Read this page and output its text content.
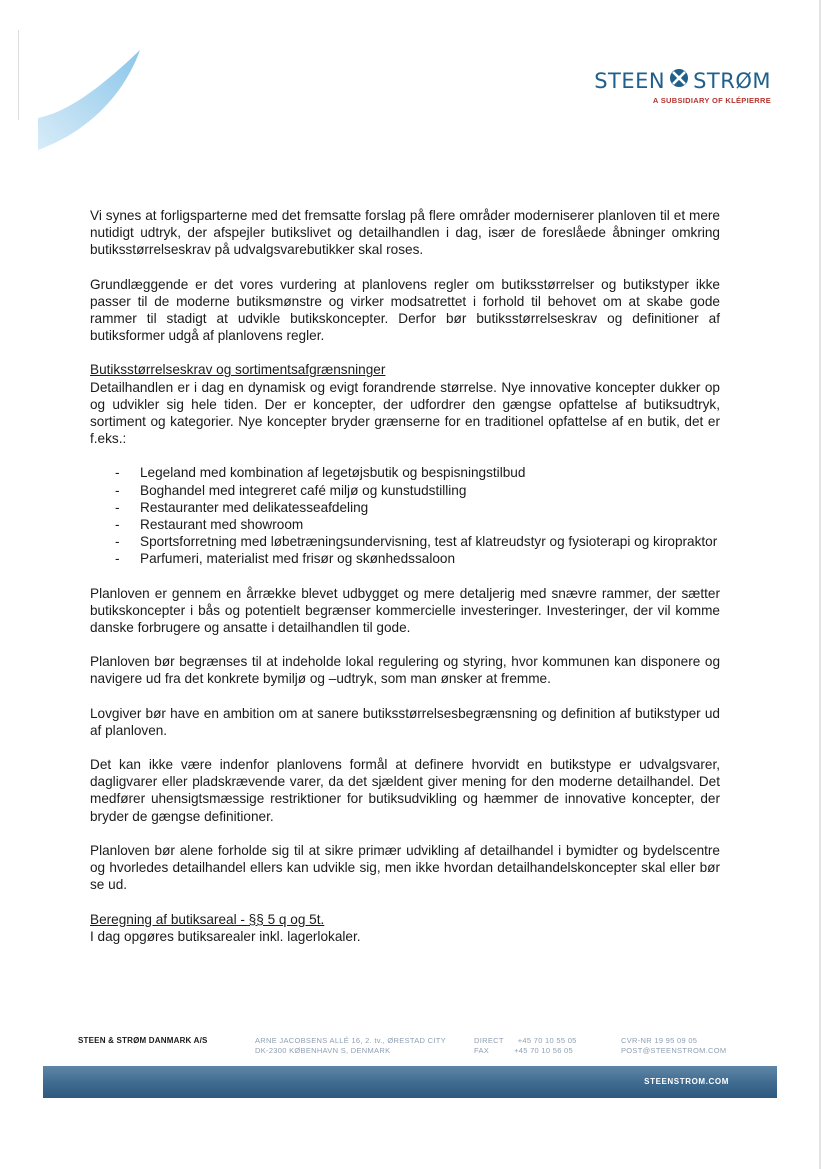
STEEN STRØM
A SUBSIDIARY OF KLÉPIERRE

Vi synes at forligsparterne med det fremsatte forslag på flere områder moderniserer planloven til et mere nutidigt udtryk, der afspejler butikslivet og detailhandlen i dag, især de foreslåede åbninger omkring butiksstørrelseskrav på udvalgsvarebutikker skal roses.

Grundlæggende er det vores vurdering at planlovens regler om butiksstørrelser og butikstyper ikke passer til de moderne butiksmønstre og virker modsatrettet i forhold til behovet om at skabe gode rammer til stadigt at udvikle butikskoncepter. Derfor bør butiksstørrelseskrav og definitioner af butiksformer udgå af planlovens regler.

Butiksstørrelseskrav og sortimentsafgrænsninger

Detailhandlen er i dag en dynamisk og evigt forandrende størrelse. Nye innovative koncepter dukker op og udvikler sig hele tiden. Der er koncepter, der udfordrer den gængse opfattelse af butiksudtryk, sortiment og kategorier. Nye koncepter bryder grænserne for en traditionel opfattelse af en butik, det er f.eks.:

- Legeland med kombination af legetøjsbutik og bespisningstilbud
- Boghandel med integreret café miljø og kunstudstilling
- Restauranter med delikatesseafdeling
- Restaurant med showroom
- Sportsforretning med løbetræningsundervisning, test af klatreudstyr og fysioterapi og kiropraktor
- Parfumeri, materialist med frisør og skønhedssaloon

Planloven er gennem en årrække blevet udbygget og mere detaljerig med snævre rammer, der sætter butikskoncepter i bås og potentielt begrænser kommercielle investeringer. Investeringer, der vil komme danske forbrugere og ansatte i detailhandlen til gode.

Planloven bør begrænses til at indeholde lokal regulering og styring, hvor kommunen kan disponere og navigere ud fra det konkrete bymiljø og –udtryk, som man ønsker at fremme.

Lovgiver bør have en ambition om at sanere butiksstørrelsesbegrænsning og definition af butikstyper ud af planloven.

Det kan ikke være indenfor planlovens formål at definere hvorvidt en butikstype er udvalgsvarer, dagligvarer eller pladskrævende varer, da det sjældent giver mening for den moderne detailhandel. Det medfører uhensigtsmæssige restriktioner for butiksudvikling og hæmmer de innovative koncepter, der bryder de gængse definitioner.

Planloven bør alene forholde sig til at sikre primær udvikling af detailhandel i bymidter og bydelscentre og hvorledes detailhandel ellers kan udvikle sig, men ikke hvordan detailhandelskoncepter skal eller bør se ud.

Beregning af butiksareal - §§ 5 q og 5t.

I dag opgøres butiksarealer inkl. lagerlokaler.

STEEN & STRØM DANMARK A/S	ARNE JACOBSENS ALLÉ 16, 2. tv., ØRESTAD CITY
DK-2300 KØBENHAVN S, DENMARK
DIRECT +45 70 10 55 05
FAX	+45 70 10 56 05
CVR-NR 19 95 09 05
POST@STEENSTROM.COM
STEENSTROM.COM
